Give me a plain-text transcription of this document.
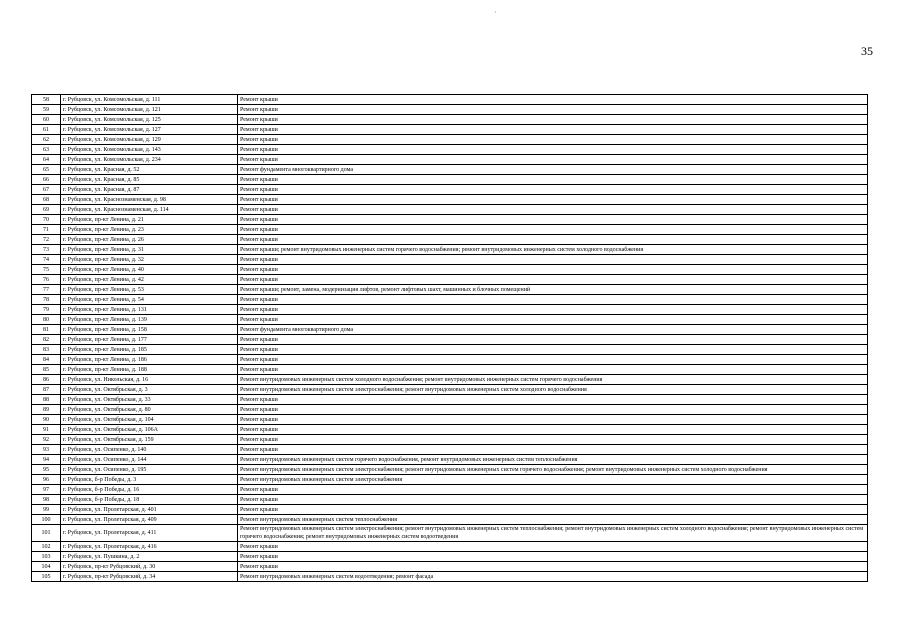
·
35
58	г. Рубцовск, ул. Комсомольская, д. 111	Ремонт крыши
59	г. Рубцовск, ул. Комсомольская, д. 121	Ремонт крыши
60	г. Рубцовск, ул. Комсомольская, д. 125	Ремонт крыши
61	г. Рубцовск, ул. Комсомольская, д. 127	Ремонт крыши
62	г. Рубцовск, ул. Комсомольская, д. 129	Ремонт крыши
63	г. Рубцовск, ул. Комсомольская, д. 143	Ремонт крыши
64	г. Рубцовск, ул. Комсомольская, д. 234	Ремонт крыши
65	г. Рубцовск, ул. Красная, д. 52	Ремонт фундамента многоквартирного дома
66	г. Рубцовск, ул. Красная, д. 85	Ремонт крыши
67	г. Рубцовск, ул. Красная, д. 87	Ремонт крыши
68	г. Рубцовск, ул. Краснознаменская, д. 98	Ремонт крыши
69	г. Рубцовск, ул. Краснознаменская, д. 114	Ремонт крыши
70	г. Рубцовск, пр-кт Ленина, д. 21	Ремонт крыши
71	г. Рубцовск, пр-кт Ленина, д. 23	Ремонт крыши
72	г. Рубцовск, пр-кт Ленина, д. 26	Ремонт крыши
73	г. Рубцовск, пр-кт Ленина, д. 31	Ремонт крыши; ремонт внутридомовых инженерных систем горячего водоснабжения; ремонт внутридомовых инженерных систем холодного водоснабжения
74	г. Рубцовск, пр-кт Ленина, д. 32	Ремонт крыши
75	г. Рубцовск, пр-кт Ленина, д. 40	Ремонт крыши
76	г. Рубцовск, пр-кт Ленина, д. 42	Ремонт крыши
77	г. Рубцовск, пр-кт Ленина, д. 53	Ремонт крыши; ремонт, замена, модернизация лифтов, ремонт лифтовых шахт, машинных и блочных помещений
78	г. Рубцовск, пр-кт Ленина, д. 54	Ремонт крыши
79	г. Рубцовск, пр-кт Ленина, д. 131	Ремонт крыши
80	г. Рубцовск, пр-кт Ленина, д. 139	Ремонт крыши
81	г. Рубцовск, пр-кт Ленина, д. 158	Ремонт фундамента многоквартирного дома
82	г. Рубцовск, пр-кт Ленина, д. 177	Ремонт крыши
83	г. Рубцовск, пр-кт Ленина, д. 185	Ремонт крыши
84	г. Рубцовск, пр-кт Ленина, д. 186	Ремонт крыши
85	г. Рубцовск, пр-кт Ленина, д. 188	Ремонт крыши
86	г. Рубцовск, ул. Никольская, д. 16	Ремонт внутридомовых инженерных систем холодного водоснабжения; ремонт внутридомовых инженерных систем горячего водоснабжения
87	г. Рубцовск, ул. Октябрьская, д. 3	Ремонт внутридомовых инженерных систем электроснабжения; ремонт внутридомовых инженерных систем холодного водоснабжения
88	г. Рубцовск, ул. Октябрьская, д. 33	Ремонт крыши
89	г. Рубцовск, ул. Октябрьская, д. 80	Ремонт крыши
90	г. Рубцовск, ул. Октябрьская, д. 104	Ремонт крыши
91	г. Рубцовск, ул. Октябрьская, д. 106А	Ремонт крыши
92	г. Рубцовск, ул. Октябрьская, д. 159	Ремонт крыши
93	г. Рубцовск, ул. Осипенко, д. 140	Ремонт крыши
94	г. Рубцовск, ул. Осипенко, д. 144	Ремонт внутридомовых инженерных систем горячего водоснабжения, ремонт внутридомовых инженерных систем теплоснабжения
95	г. Рубцовск, ул. Осипенко, д. 195	Ремонт внутридомовых инженерных систем электроснабжения; ремонт внутридомовых инженерных систем горячего водоснабжения; ремонт внутридомовых инженерных систем холодного водоснабжения
96	г. Рубцовск, б-р Победы, д. 3	Ремонт внутридомовых инженерных систем электроснабжения
97	г. Рубцовск, б-р Победы, д. 16	Ремонт крыши
98	г. Рубцовск, б-р Победы, д. 18	Ремонт крыши
99	г. Рубцовск, ул. Пролетарская, д. 401	Ремонт крыши
100	г. Рубцовск, ул. Пролетарская, д. 409	Ремонт внутридомовых инженерных систем теплоснабжения
101	г. Рубцовск, ул. Пролетарская, д. 411	Ремонт внутридомовых инженерных систем электроснабжения; ремонт внутридомовых инженерных систем теплоснабжения; ремонт внутридомовых инженерных систем холодного водоснабжения; ремонт внутридомовых инженерных систем горячего водоснабжения; ремонт внутридомовых инженерных систем водоотведения
102	г. Рубцовск, ул. Пролетарская, д. 416	Ремонт крыши
103	г. Рубцовск, ул. Пушкина, д. 2	Ремонт крыши
104	г. Рубцовск, пр-кт Рубцовский, д. 30	Ремонт крыши
105	г. Рубцовск, пр-кт Рубцовский, д. 34	Ремонт внутридомовых инженерных систем водоотведения; ремонт фасада
